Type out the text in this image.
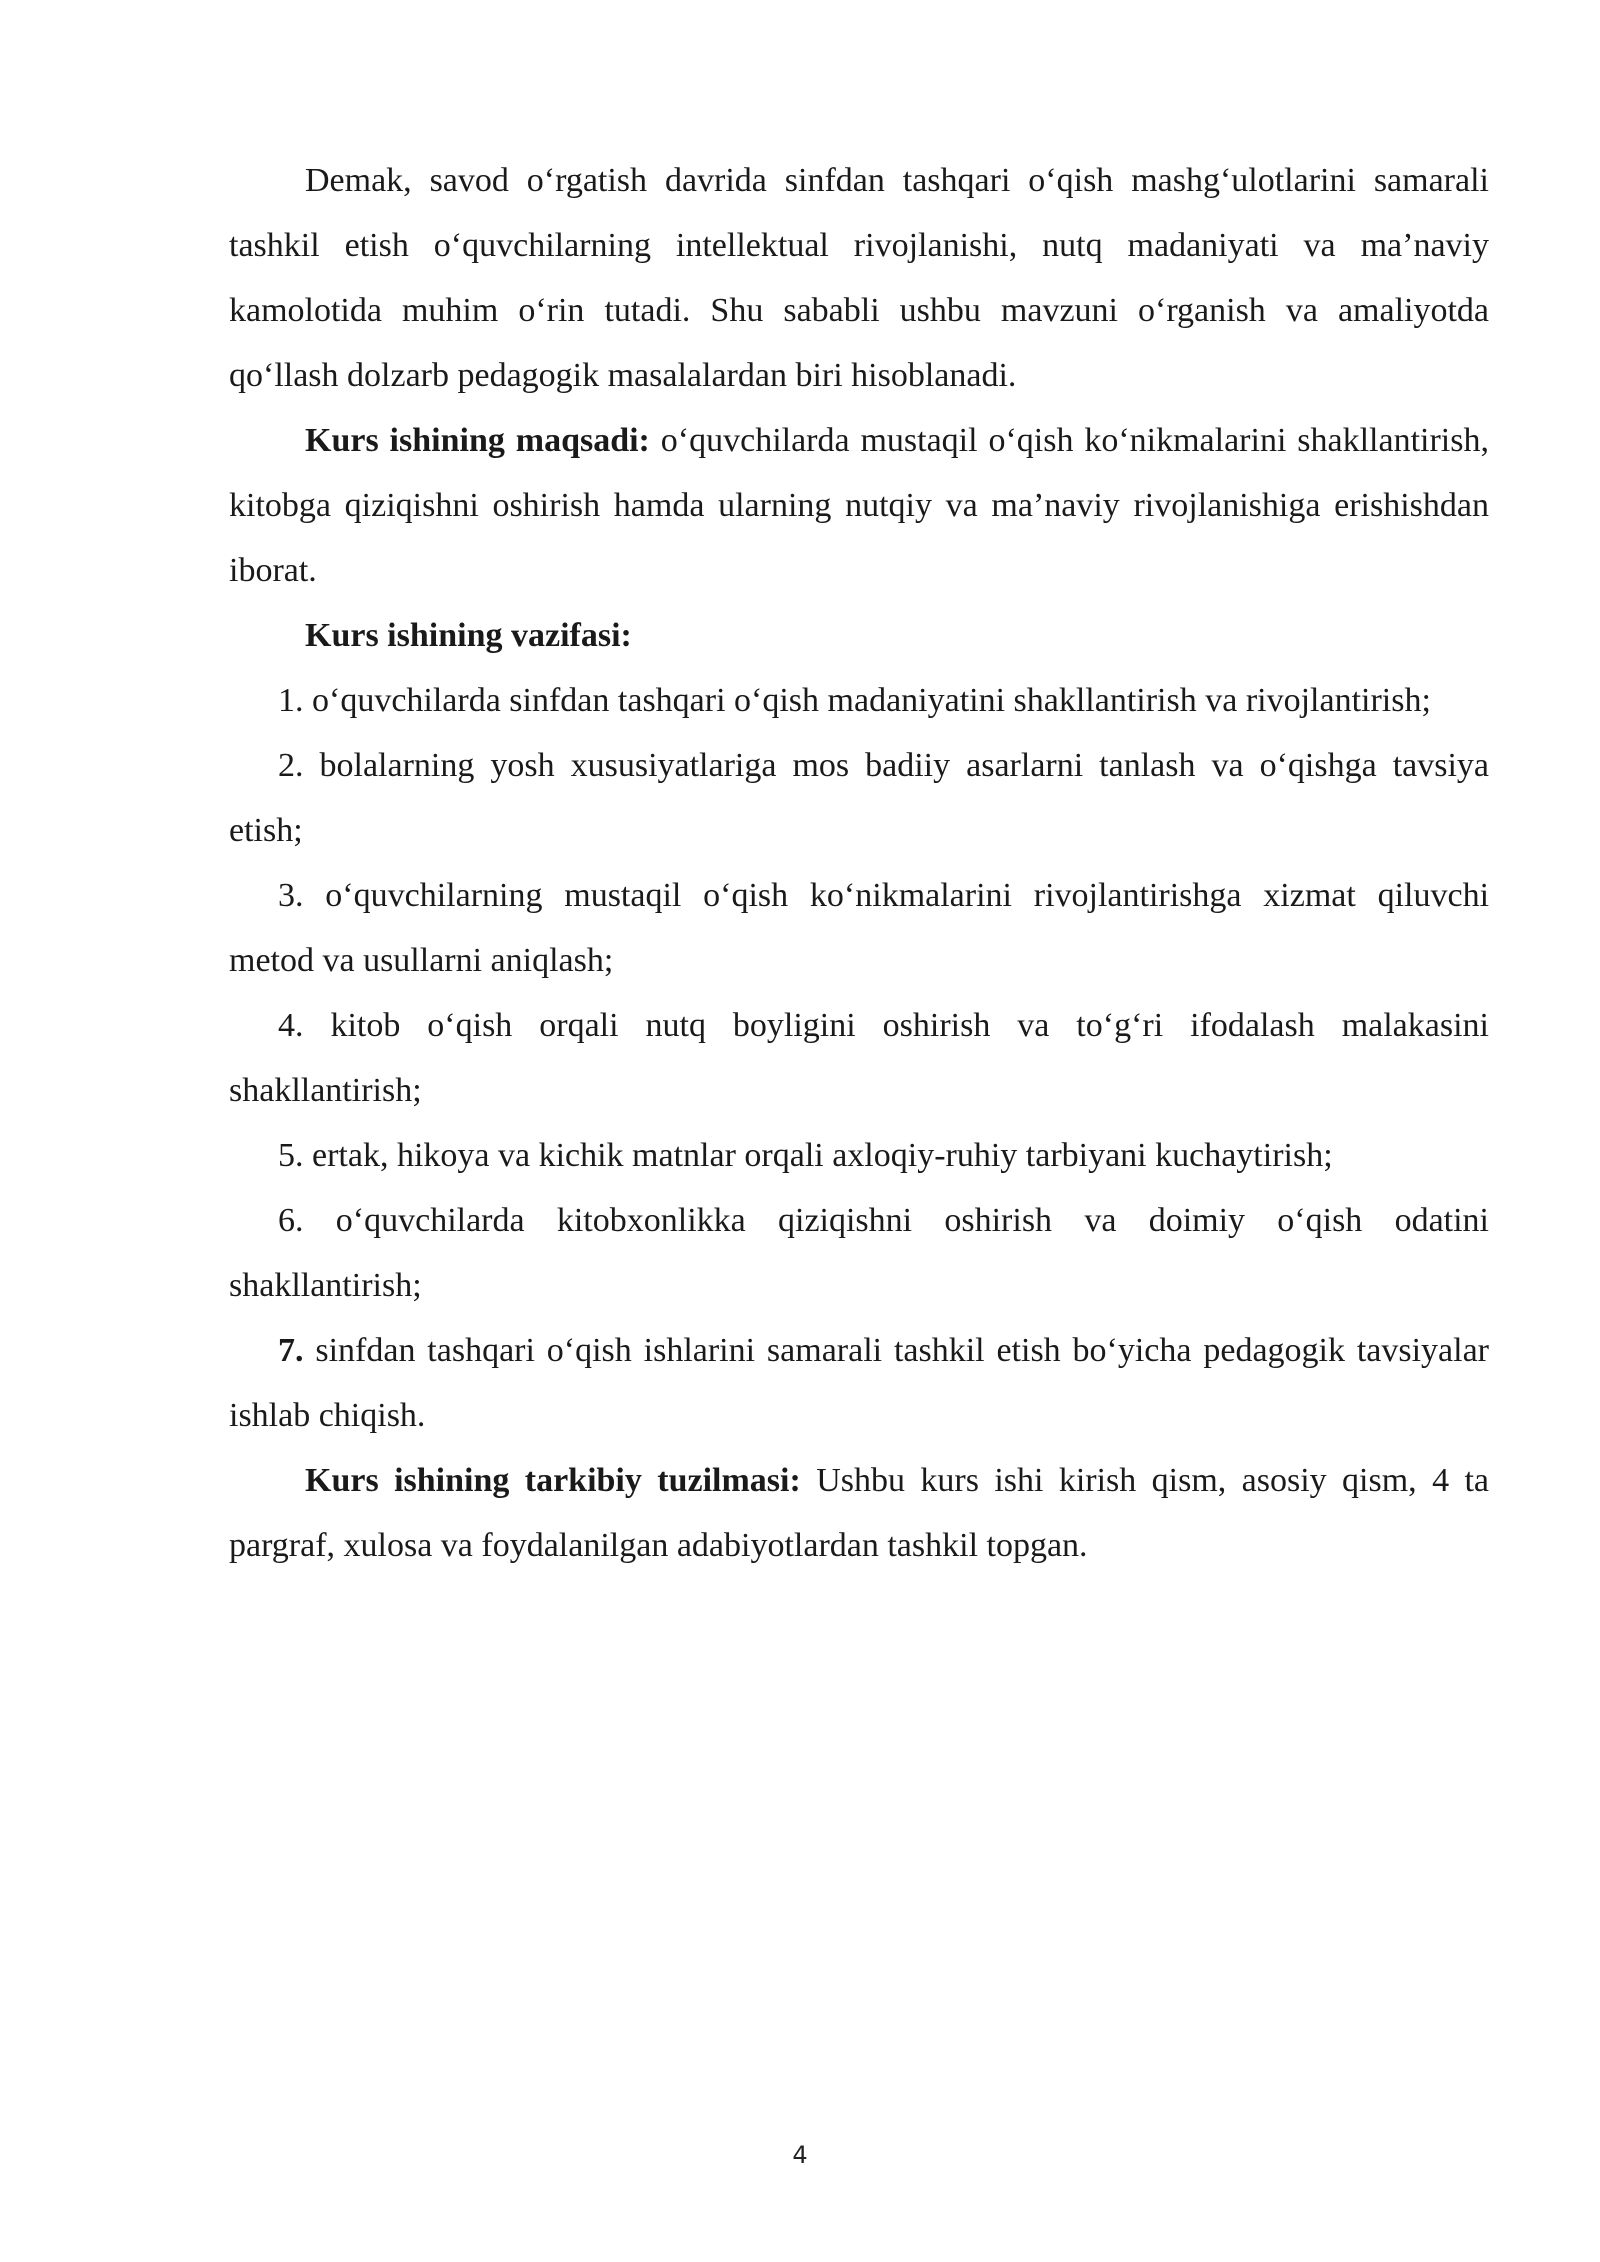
Demak, savod o‘rgatish davrida sinfdan tashqari o‘qish mashg‘ulotlarini samarali tashkil etish o‘quvchilarning intellektual rivojlanishi, nutq madaniyati va ma’naviy kamolotida muhim o‘rin tutadi. Shu sababli ushbu mavzuni o‘rganish va amaliyotda qo‘llash dolzarb pedagogik masalalardan biri hisoblanadi.

Kurs ishining maqsadi: o‘quvchilarda mustaqil o‘qish ko‘nikmalarini shakllantirish, kitobga qiziqishni oshirish hamda ularning nutqiy va ma’naviy rivojlanishiga erishishdan iborat.

Kurs ishining vazifasi:

1. o‘quvchilarda sinfdan tashqari o‘qish madaniyatini shakllantirish va rivojlantirish;

2. bolalarning yosh xususiyatlariga mos badiiy asarlarni tanlash va o‘qishga tavsiya etish;

3. o‘quvchilarning mustaqil o‘qish ko‘nikmalarini rivojlantirishga xizmat qiluvchi metod va usullarni aniqlash;

4. kitob o‘qish orqali nutq boyligini oshirish va to‘g‘ri ifodalash malakasini shakllantirish;

5. ertak, hikoya va kichik matnlar orqali axloqiy-ruhiy tarbiyani kuchaytirish;

6. o‘quvchilarda kitobxonlikka qiziqishni oshirish va doimiy o‘qish odatini shakllantirish;

7. sinfdan tashqari o‘qish ishlarini samarali tashkil etish bo‘yicha pedagogik tavsiyalar ishlab chiqish.

Kurs ishining tarkibiy tuzilmasi: Ushbu kurs ishi kirish qism, asosiy qism, 4 ta pargraf, xulosa va foydalanilgan adabiyotlardan tashkil topgan.

4
